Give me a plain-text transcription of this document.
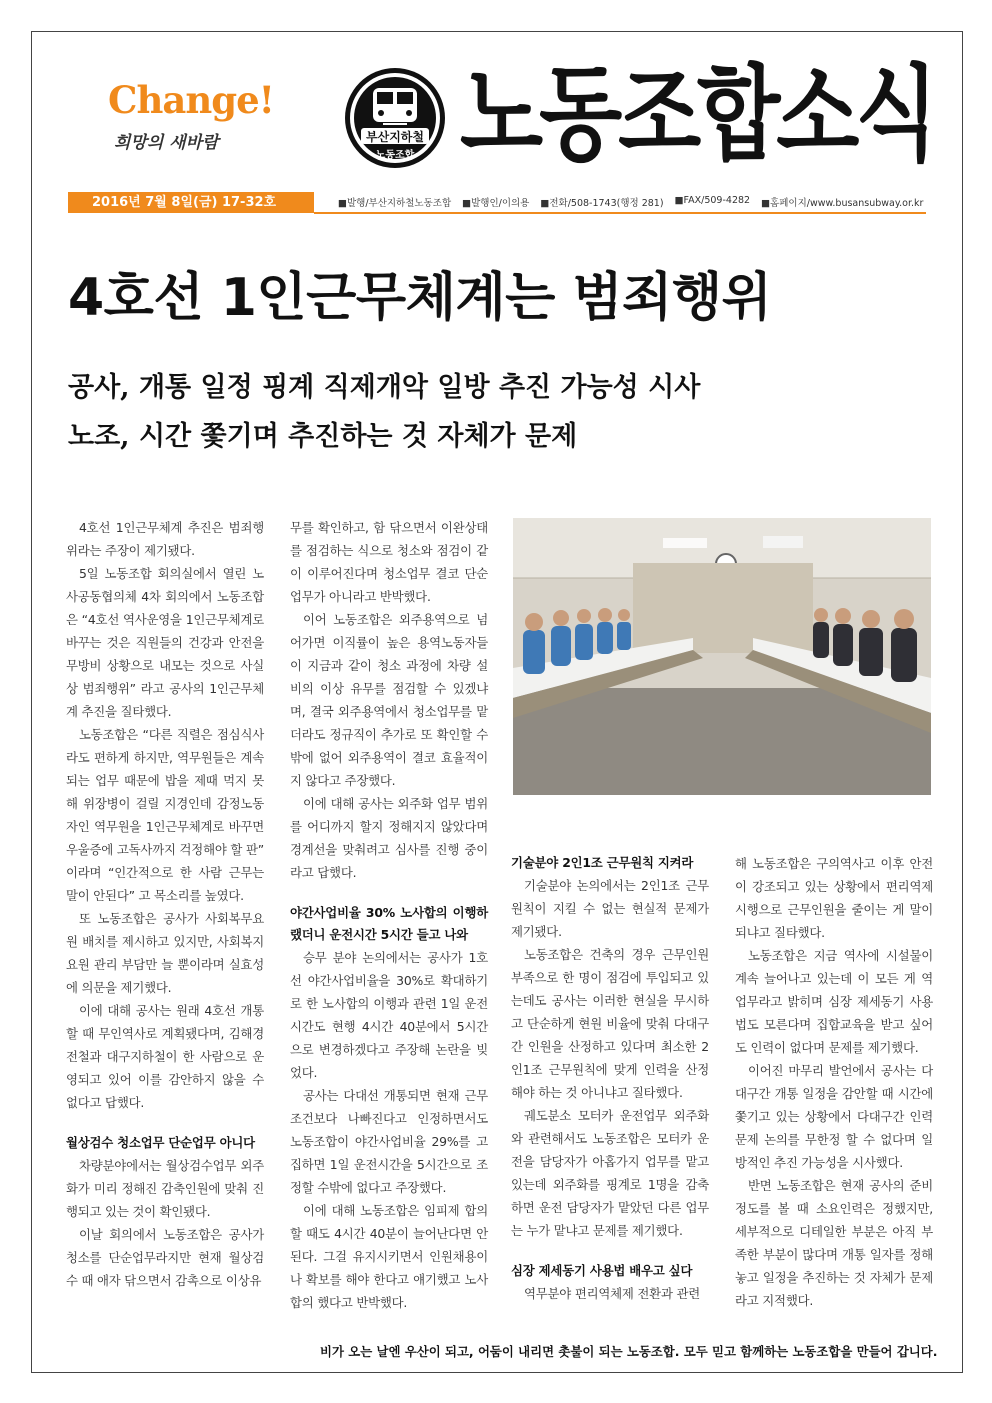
Change!
희망의 새바람	부산지하철
노동조합 노동조합소식
2016년 7월 8일(금) 17-32호	■발행/부산지하철노동조합 ■발행인/이의용 ■전화/508-1743(행정 281) ■FAX/509-4282 ■홈페이지/www.busansubway.or.kr
4호선 1인근무체계는 범죄행위
공사, 개통 일정 핑계 직제개악 일방 추진 가능성 시사
노조, 시간 쫓기며 추진하는 것 자체가 문제

4호선 1인근무체계 추진은 범죄행위라는 주장이 제기됐다.

5일 노동조합 회의실에서 열린 노사공동협의체 4차 회의에서 노동조합은 “4호선 역사운영을 1인근무체계로 바꾸는 것은 직원들의 건강과 안전을 무방비 상황으로 내모는 것으로 사실상 범죄행위” 라고 공사의 1인근무체계 추진을 질타했다.

노동조합은 “다른 직렬은 점심식사라도 편하게 하지만, 역무원들은 계속되는 업무 때문에 밥을 제때 먹지 못해 위장병이 걸릴 지경인데 감정노동자인 역무원을 1인근무체계로 바꾸면 우울증에 고독사까지 걱정해야 할 판” 이라며 “인간적으로 한 사람 근무는 말이 안된다” 고 목소리를 높였다.

또 노동조합은 공사가 사회복무요원 배치를 제시하고 있지만, 사회복지요원 관리 부담만 늘 뿐이라며 실효성에 의문을 제기했다.

이에 대해 공사는 원래 4호선 개통할 때 무인역사로 계획됐다며, 김해경전철과 대구지하철이 한 사람으로 운영되고 있어 이를 감안하지 않을 수 없다고 답했다.

월상검수 청소업무 단순업무 아니다

차량분야에서는 월상검수업무 외주화가 미리 정해진 감축인원에 맞춰 진행되고 있는 것이 확인됐다.

이날 회의에서 노동조합은 공사가 청소를 단순업무라지만 현재 월상검수 때 애자 닦으면서 감촉으로 이상유

무를 확인하고, 함 닦으면서 이완상태를 점검하는 식으로 청소와 점검이 같이 이루어진다며 청소업무 결코 단순업무가 아니라고 반박했다.

이어 노동조합은 외주용역으로 넘어가면 이직률이 높은 용역노동자들이 지금과 같이 청소 과정에 차량 설비의 이상 유무를 점검할 수 있겠냐며, 결국 외주용역에서 청소업무를 맡더라도 정규직이 추가로 또 확인할 수 밖에 없어 외주용역이 결코 효율적이지 않다고 주장했다.

이에 대해 공사는 외주화 업무 범위를 어디까지 할지 정해지지 않았다며 경계선을 맞춰려고 심사를 진행 중이라고 답했다.

야간사업비율 30% 노사합의 이행하랬더니 운전시간 5시간 들고 나와

승무 분야 논의에서는 공사가 1호선 야간사업비율을 30%로 확대하기로 한 노사합의 이행과 관련 1일 운전시간도 현행 4시간 40분에서 5시간으로 변경하겠다고 주장해 논란을 빚었다.

공사는 다대선 개통되면 현재 근무조건보다 나빠진다고 인정하면서도 노동조합이 야간사업비율 29%를 고집하면 1일 운전시간을 5시간으로 조정할 수밖에 없다고 주장했다.

이에 대해 노동조합은 임피제 합의할 때도 4시간 40분이 늘어난다면 안된다. 그걸 유지시키면서 인원채용이나 확보를 해야 한다고 얘기했고 노사합의 했다고 반박했다.

기술분야 2인1조 근무원칙 지켜라

기술분야 논의에서는 2인1조 근무원칙이 지킬 수 없는 현실적 문제가 제기됐다.

노동조합은 건축의 경우 근무인원 부족으로 한 명이 점검에 투입되고 있는데도 공사는 이러한 현실을 무시하고 단순하게 현원 비율에 맞춰 다대구간 인원을 산정하고 있다며 최소한 2인1조 근무원칙에 맞게 인력을 산정해야 하는 것 아니냐고 질타했다.

궤도분소 모터카 운전업무 외주화와 관련해서도 노동조합은 모터카 운전을 담당자가 아홉가지 업무를 맡고 있는데 외주화를 핑계로 1명을 감축하면 운전 담당자가 맡았던 다른 업무는 누가 맡냐고 문제를 제기했다.

심장 제세동기 사용법 배우고 싶다

역무분야 편리역체제 전환과 관련

해 노동조합은 구의역사고 이후 안전이 강조되고 있는 상황에서 편리역제 시행으로 근무인원을 줄이는 게 말이 되냐고 질타했다.

노동조합은 지금 역사에 시설물이 계속 늘어나고 있는데 이 모든 게 역 업무라고 밝히며 심장 제세동기 사용법도 모른다며 집합교육을 받고 싶어도 인력이 없다며 문제를 제기했다.

이어진 마무리 발언에서 공사는 다대구간 개통 일정을 감안할 때 시간에 쫓기고 있는 상황에서 다대구간 인력 문제 논의를 무한정 할 수 없다며 일방적인 추진 가능성을 시사했다.

반면 노동조합은 현재 공사의 준비 정도를 볼 때 소요인력은 정했지만, 세부적으로 디테일한 부분은 아직 부족한 부분이 많다며 개통 일자를 정해놓고 일정을 추진하는 것 자체가 문제라고 지적했다.

비가 오는 날엔 우산이 되고, 어둠이 내리면 촛불이 되는 노동조합. 모두 믿고 함께하는 노동조합을 만들어 갑니다.
